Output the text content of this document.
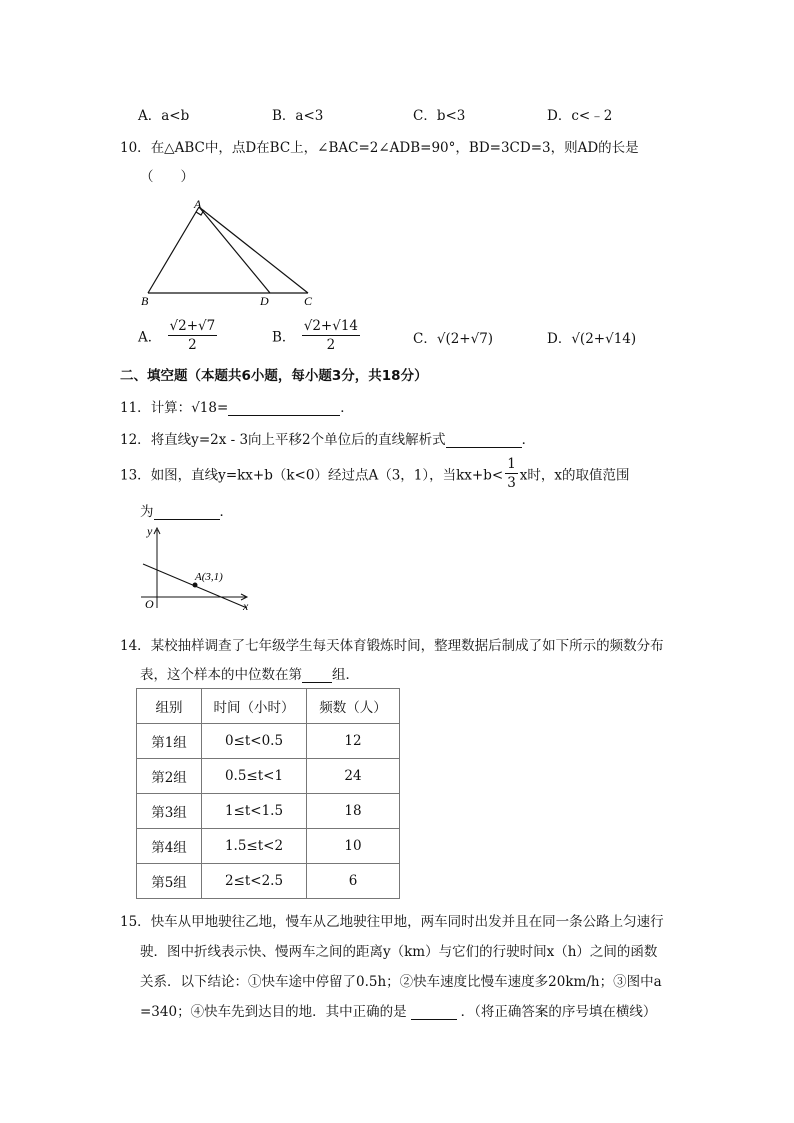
A．a<b	B．a<3	C．b<3	D．c<﹣2
10．在△ABC中，点D在BC上，∠BAC=2∠ADB=90°，BD=3CD=3，则AD的长是
（　　）
A
B	D	C
A． $\frac{√2+√7}{2}$	B． $\frac{√2+√14}{2}$	C．√(2+√7)	D．√(2+√14)
二、填空题（本题共6小题，每小题3分，共18分）
11．计算：√18=	．
12．将直线y=2x - 3向上平移2个单位后的直线解析式	．
13．如图，直线y=kx+b（k<0）经过点A（3，1），当$kx+b< \frac{1}{3}$ x时，x的取值范围
为	．
y
x
O
A(3,1)
14．某校抽样调查了七年级学生每天体育锻炼时间，整理数据后制成了如下所示的频数分布
表，这个样本的中位数在第 组．
组别	时间（小时）	频数（人）
第1组	0≤t<0.5	12
第2组	0.5≤t<1	24
第3组	1≤t<1.5	18
第4组	1.5≤t<2	10
第5组	2≤t<2.5	6
15．快车从甲地驶往乙地，慢车从乙地驶往甲地，两车同时出发并且在同一条公路上匀速行
驶．图中折线表示快、慢两车之间的距离y（km）与它们的行驶时间x（h）之间的函数
关系．以下结论：①快车途中停留了0.5h；②快车速度比慢车速度多20km/h；③图中a
=340；④快车先到达目的地．其中正确的是	．（将正确答案的序号填在横线）
